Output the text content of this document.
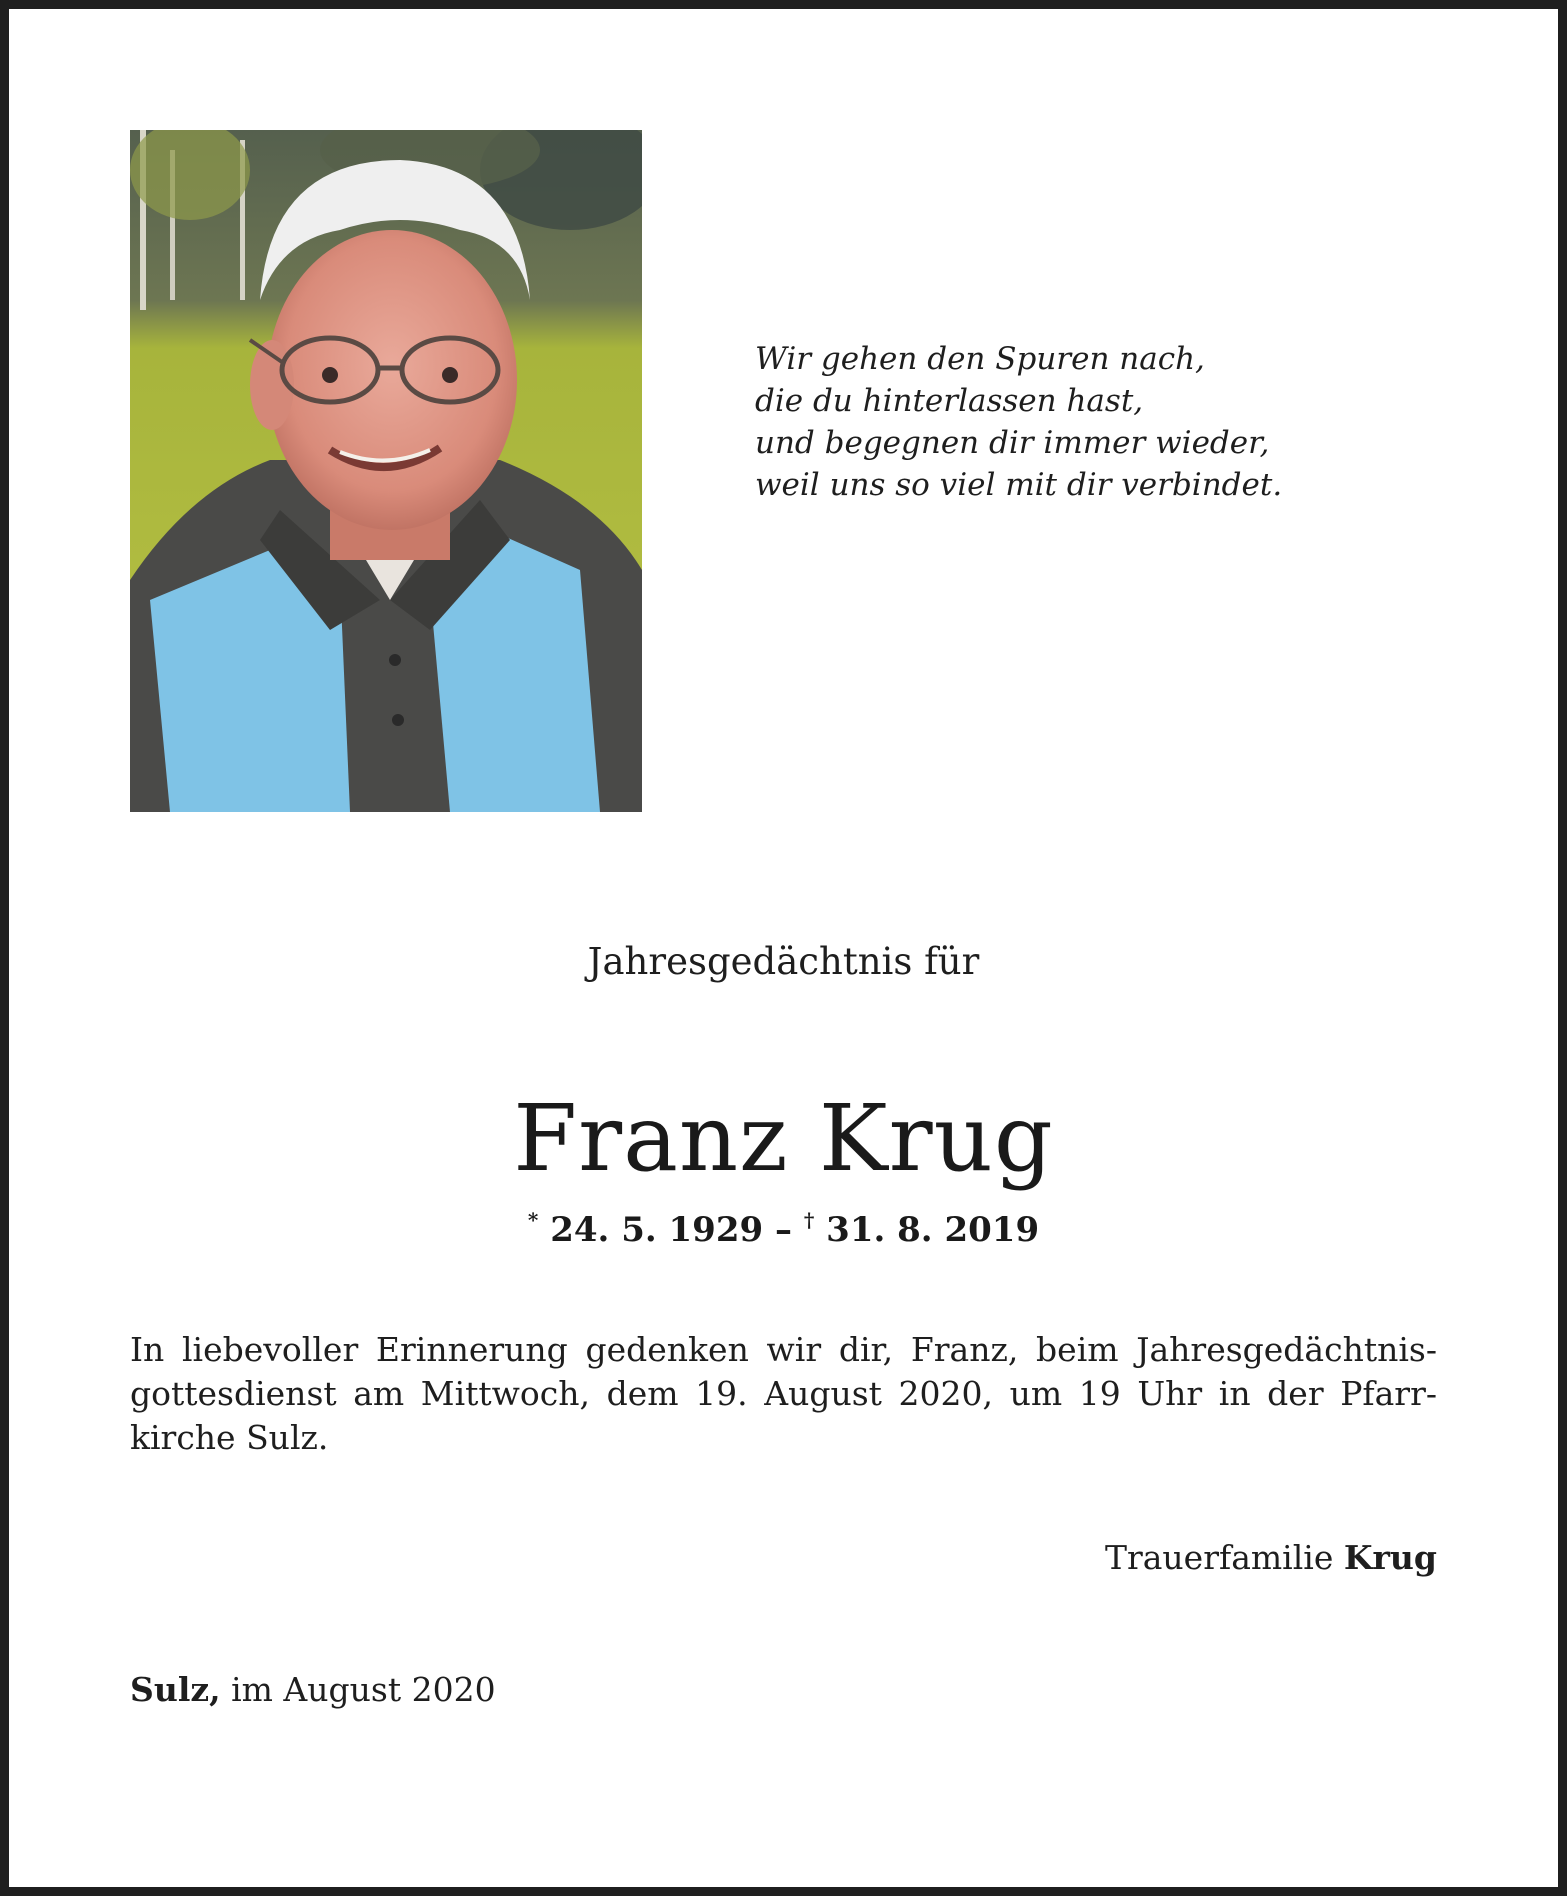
Wir gehen den Spuren nach,
die du hinterlassen hast,
und begegnen dir immer wieder,
weil uns so viel mit dir verbindet.
Jahresgedächtnis für
Franz Krug
* 24. 5. 1929 – † 31. 8. 2019
In liebevoller Erinnerung gedenken wir dir, Franz, beim Jahresgedächtnis-
gottesdienst am Mittwoch, dem 19. August 2020, um 19 Uhr in der Pfarr-
kirche Sulz.
Trauerfamilie Krug
Sulz, im August 2020
